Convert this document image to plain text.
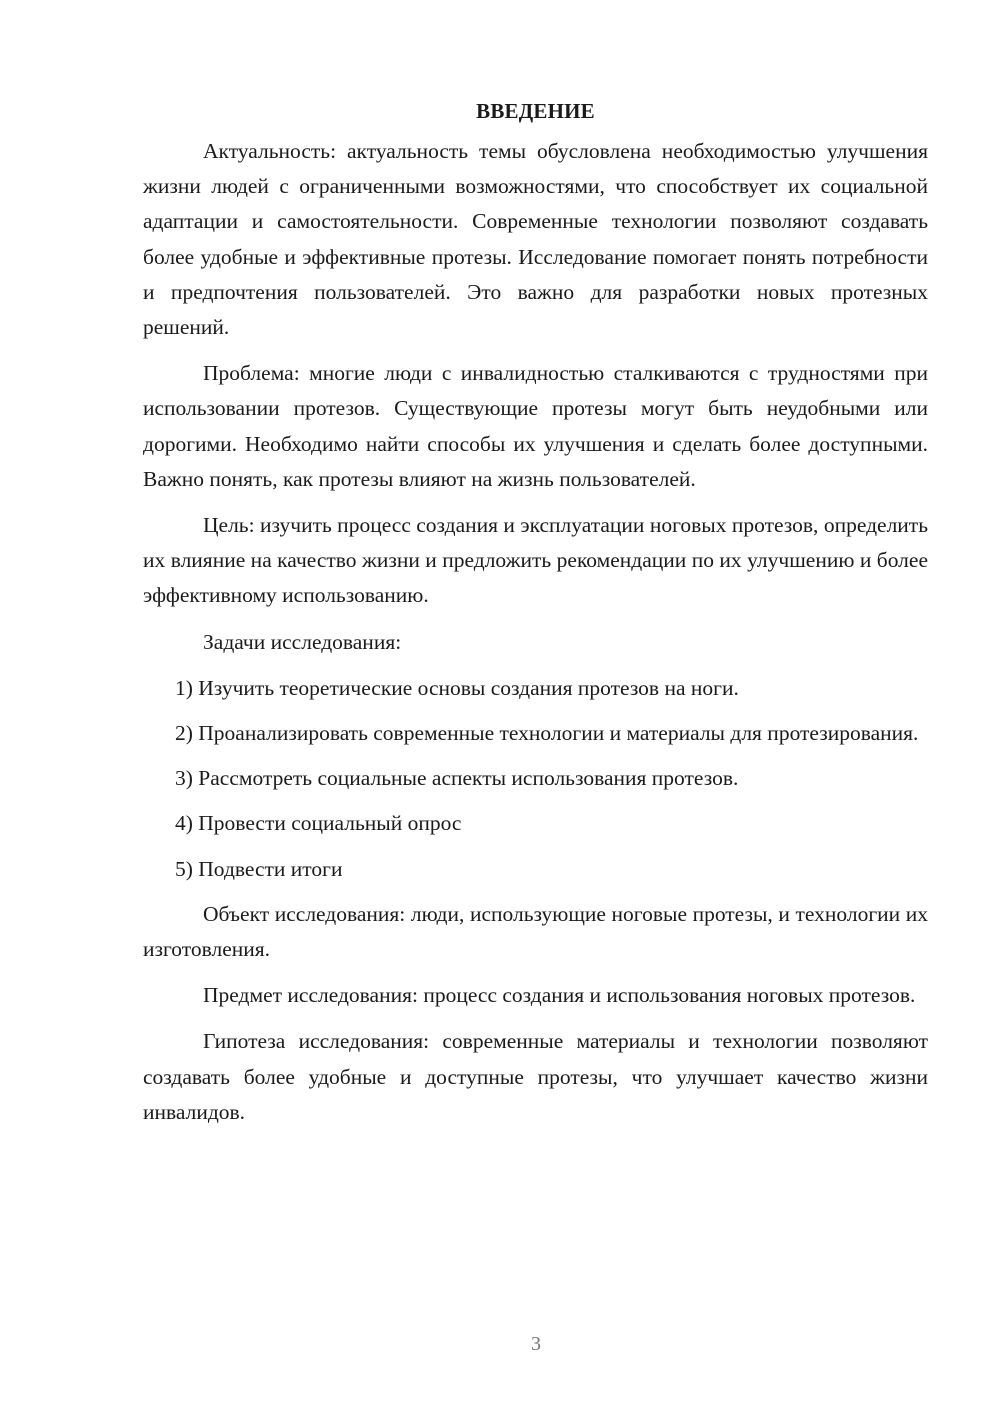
ВВЕДЕНИЕ

Актуальность: актуальность темы обусловлена необходимостью улучшения жизни людей с ограниченными возможностями, что способствует их социальной адаптации и самостоятельности. Современные технологии позволяют создавать более удобные и эффективные протезы. Исследование помогает понять потребности и предпочтения пользователей. Это важно для разработки новых протезных решений.

Проблема: многие люди с инвалидностью сталкиваются с трудностями при использовании протезов. Существующие протезы могут быть неудобными или дорогими. Необходимо найти способы их улучшения и сделать более доступными. Важно понять, как протезы влияют на жизнь пользователей.

Цель: изучить процесс создания и эксплуатации ноговых протезов, определить их влияние на качество жизни и предложить рекомендации по их улучшению и более эффективному использованию.

Задачи исследования:

1) Изучить теоретические основы создания протезов на ноги.

2) Проанализировать современные технологии и материалы для протезирования.

3) Рассмотреть социальные аспекты использования протезов.

4) Провести социальный опрос

5) Подвести итоги

Объект исследования: люди, использующие ноговые протезы, и технологии их изготовления.

Предмет исследования: процесс создания и использования ноговых протезов.

Гипотеза исследования: современные материалы и технологии позволяют создавать более удобные и доступные протезы, что улучшает качество жизни инвалидов.

3
